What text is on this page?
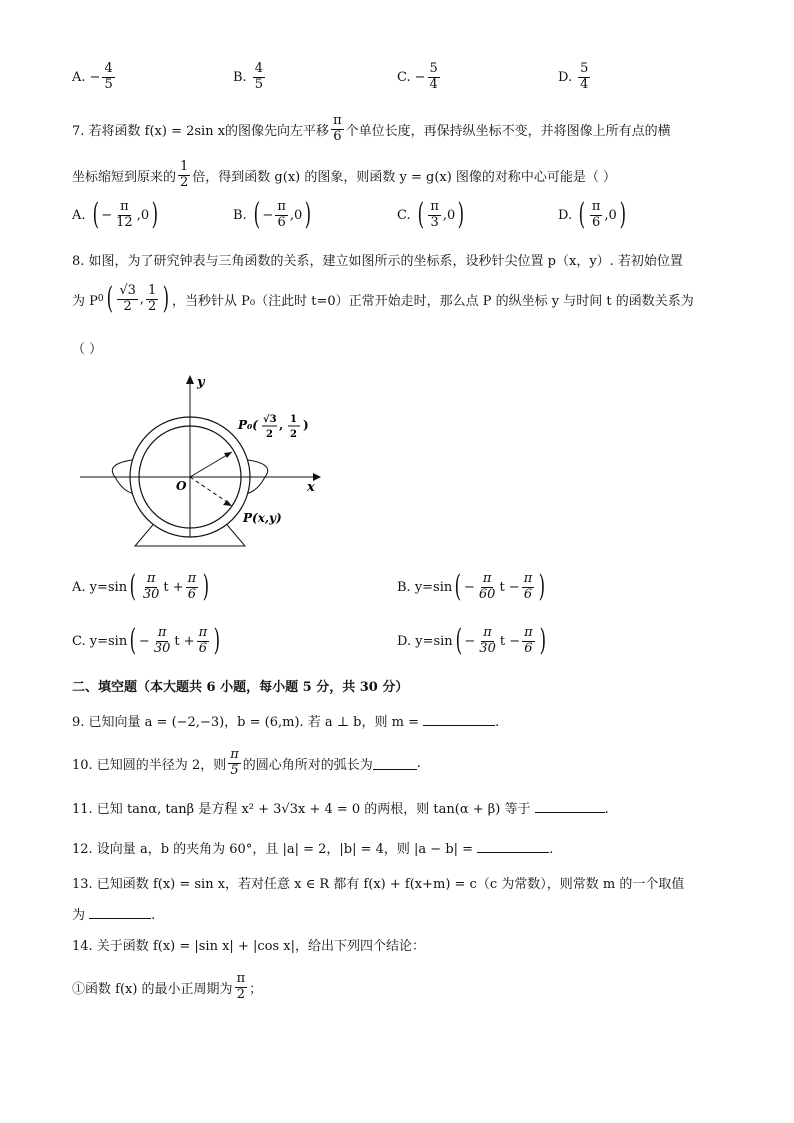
A. − $\frac{4}{5}$	B. $\frac{4}{5}$	C. − $\frac{5}{4}$	D. $\frac{5}{4}$
7. 若将函数 f(x) = 2sin x的图像先向左平移 $\frac{\pi}{6}$ 个单位长度，再保持纵坐标不变，并将图像上所有点的横
坐标缩短到原来的 $\frac{1}{2}$ 倍，得到函数 g(x) 的图象，则函数 y = g(x) 图像的对称中心可能是（ ）
A. ( − $\frac{\pi}{12} ,0$ )	B. ( − $\frac{\pi}{6} ,0$ )	C. ( $\frac{\pi}{3} ,0$ )	D. ( $\frac{\pi}{6} ,0$ )
8. 如图，为了研究钟表与三角函数的关系，建立如图所示的坐标系，设秒针尖位置 p（x，y）. 若初始位置
为 P 0 ( $\frac{√3}{2}$ , $\frac{1}{2}$ ) ，当秒针从 P₀（注此时 t=0）正常开始走时，那么点 P 的纵坐标 y 与时间 t 的函数关系为
（ ）
y
x
O
P₀( √3
2
, 1
2
)
P(x,y)
A. y=sin ( $\frac{\pi}{30}$ $t + \frac{\pi}{6}$ )	B. y=sin ( − $\frac{\pi}{60}$ $t - \frac{\pi}{6}$ )
C. y=sin ( − $\frac{\pi}{30}$ $t + \frac{\pi}{6}$ )	D. y=sin ( − $\frac{\pi}{30}$ $t - \frac{\pi}{6}$ )
二、填空题（本大题共 6 小题，每小题 5 分，共 30 分）
9. 已知向量 a = (−2,−3)，b = (6,m). 若 a ⊥ b，则 m =	.
10. 已知圆的半径为 2，则 $\frac{\pi}{5}$ 的圆心角所对的弧长为	.
11. 已知 tanα, tanβ 是方程 x² + 3√3x + 4 = 0 的两根，则 tan(α + β) 等于	.
12. 设向量 a，b 的夹角为 60°，且 |a| = 2，|b| = 4，则 |a − b| =	.
13. 已知函数 f(x) = sin x，若对任意 x ∈ R 都有 f(x) + f(x+m) = c（c 为常数），则常数 m 的一个取值
为	.
14. 关于函数 f(x) = |sin x| + |cos x|，给出下列四个结论：
①函数 f(x) 的最小正周期为 $\frac{\pi}{2}$ ；
